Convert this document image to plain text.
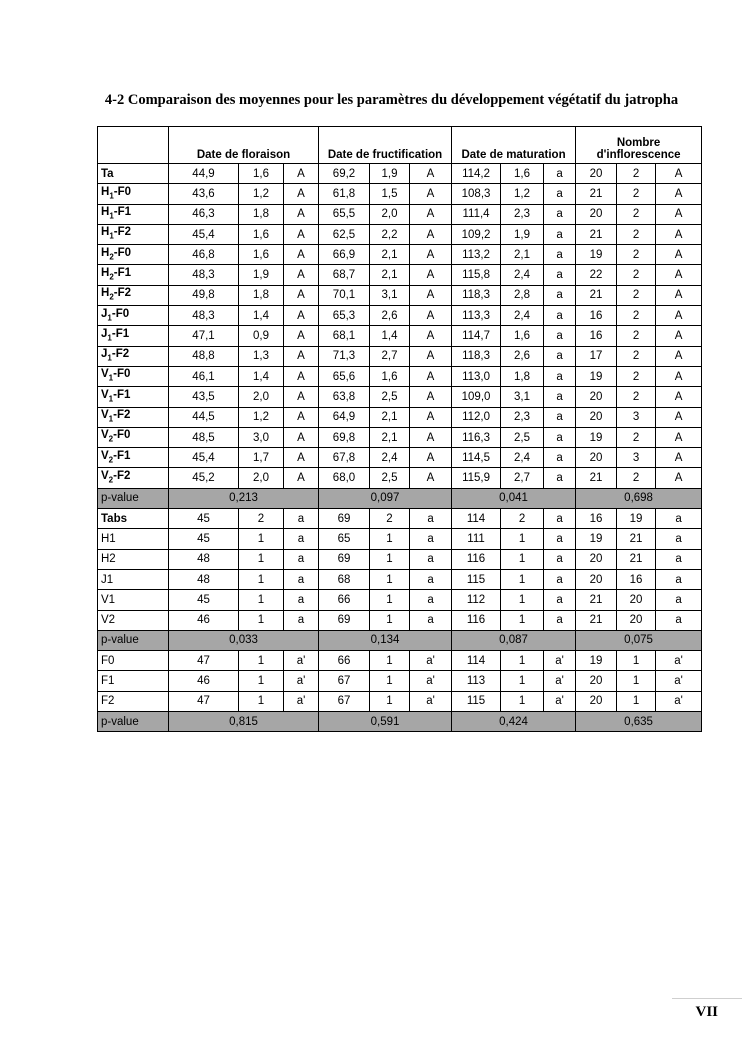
4-2 Comparaison des moyennes pour les paramètres du développement végétatif du jatropha
	Date de floraison			Date de fructification			Date de maturation			Nombre
d'inflorescence		
Ta	44,9	1,6	A	69,2	1,9	A	114,2	1,6	a	20	2	A
$H_1-F0$	43,6	1,2	A	61,8	1,5	A	108,3	1,2	a	21	2	A
$H_1-F1$	46,3	1,8	A	65,5	2,0	A	111,4	2,3	a	20	2	A
$H_1-F2$	45,4	1,6	A	62,5	2,2	A	109,2	1,9	a	21	2	A
$H_2-F0$	46,8	1,6	A	66,9	2,1	A	113,2	2,1	a	19	2	A
$H_2-F1$	48,3	1,9	A	68,7	2,1	A	115,8	2,4	a	22	2	A
$H_2-F2$	49,8	1,8	A	70,1	3,1	A	118,3	2,8	a	21	2	A
$J_1-F0$	48,3	1,4	A	65,3	2,6	A	113,3	2,4	a	16	2	A
$J_1-F1$	47,1	0,9	A	68,1	1,4	A	114,7	1,6	a	16	2	A
$J_1-F2$	48,8	1,3	A	71,3	2,7	A	118,3	2,6	a	17	2	A
$V_1-F0$	46,1	1,4	A	65,6	1,6	A	113,0	1,8	a	19	2	A
$V_1-F1$	43,5	2,0	A	63,8	2,5	A	109,0	3,1	a	20	2	A
$V_1-F2$	44,5	1,2	A	64,9	2,1	A	112,0	2,3	a	20	3	A
$V_2-F0$	48,5	3,0	A	69,8	2,1	A	116,3	2,5	a	19	2	A
$V_2-F1$	45,4	1,7	A	67,8	2,4	A	114,5	2,4	a	20	3	A
$V_2-F2$	45,2	2,0	A	68,0	2,5	A	115,9	2,7	a	21	2	A
p-value	0,213			0,097			0,041			0,698		
Tabs	45	2	a	69	2	a	114	2	a	16	19	a
H1	45	1	a	65	1	a	111	1	a	19	21	a
H2	48	1	a	69	1	a	116	1	a	20	21	a
J1	48	1	a	68	1	a	115	1	a	20	16	a
V1	45	1	a	66	1	a	112	1	a	21	20	a
V2	46	1	a	69	1	a	116	1	a	21	20	a
p-value	0,033			0,134			0,087			0,075		
F0	47	1	a'	66	1	a'	114	1	a'	19	1	a'
F1	46	1	a'	67	1	a'	113	1	a'	20	1	a'
F2	47	1	a'	67	1	a'	115	1	a'	20	1	a'
p-value	0,815			0,591			0,424			0,635		
VII
